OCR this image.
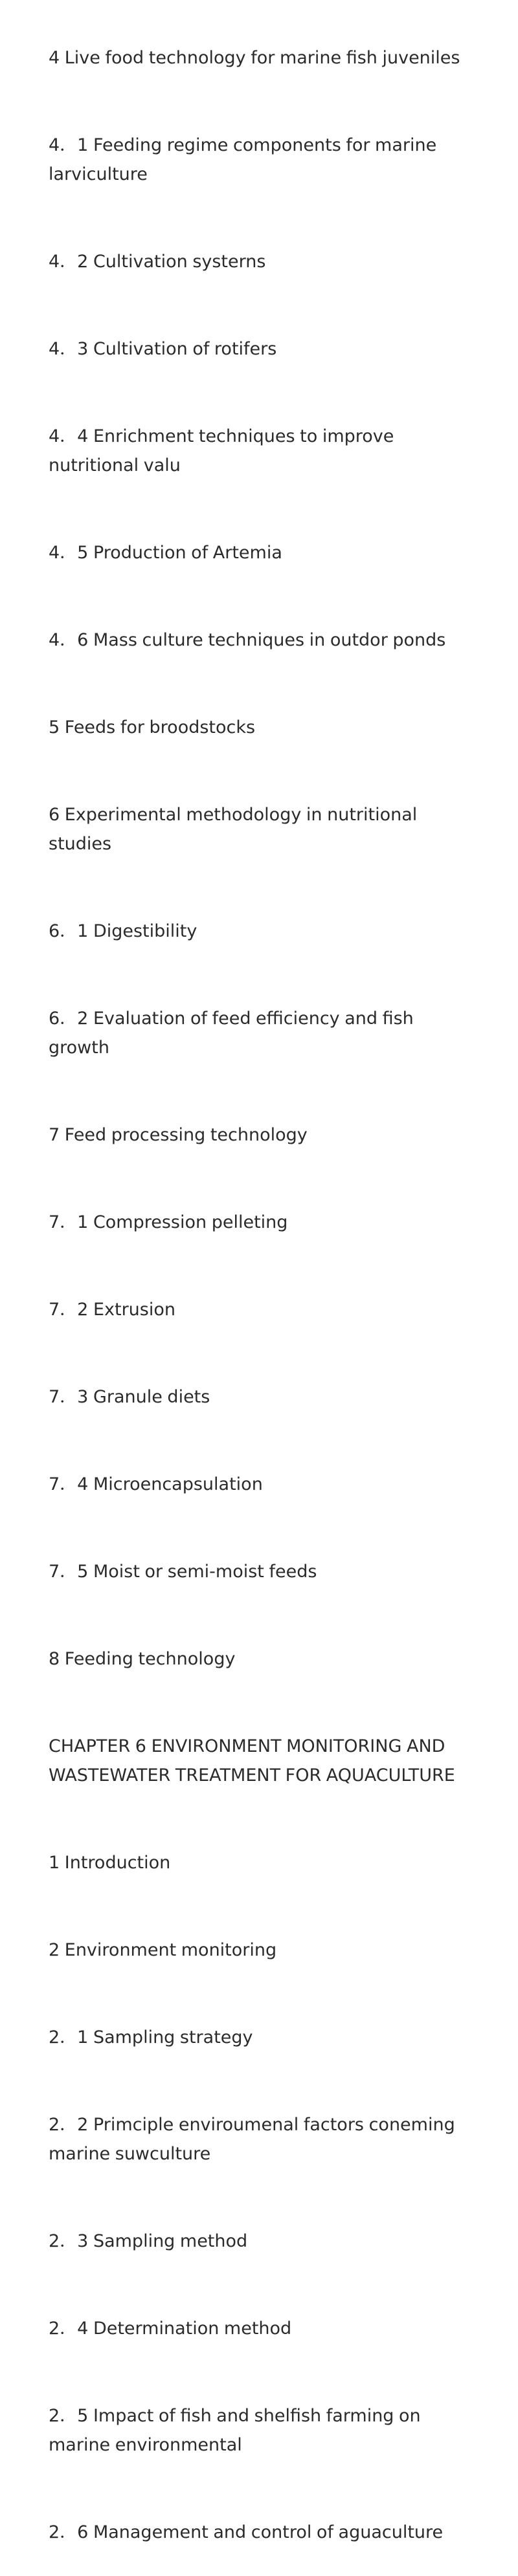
4 Live food technology for marine fish juveniles

4．1 Feeding regime components for marine larviculture

4．2 Cultivation systerns

4．3 Cultivation of rotifers

4．4 Enrichment techniques to improve nutritional valu

4．5 Production of Artemia

4．6 Mass culture techniques in outdor ponds

5 Feeds for broodstocks

6 Experimental methodology in nutritional studies

6．1 Digestibility

6．2 Evaluation of feed efficiency and fish growth

7 Feed processing technology

7．1 Compression pelleting

7．2 Extrusion

7．3 Granule diets

7．4 Microencapsulation

7．5 Moist or semi-moist feeds

8 Feeding technology

CHAPTER 6 ENVIRONMENT MONITORING AND WASTEWATER TREATMENT FOR AQUACULTURE

1 Introduction

2 Environment monitoring

2．1 Sampling strategy

2．2 Primciple enviroumenal factors coneming marine suwculture

2．3 Sampling method

2．4 Determination method

2．5 Impact of fish and shelfish farming on marine environmental

2．6 Management and control of aguaculture
